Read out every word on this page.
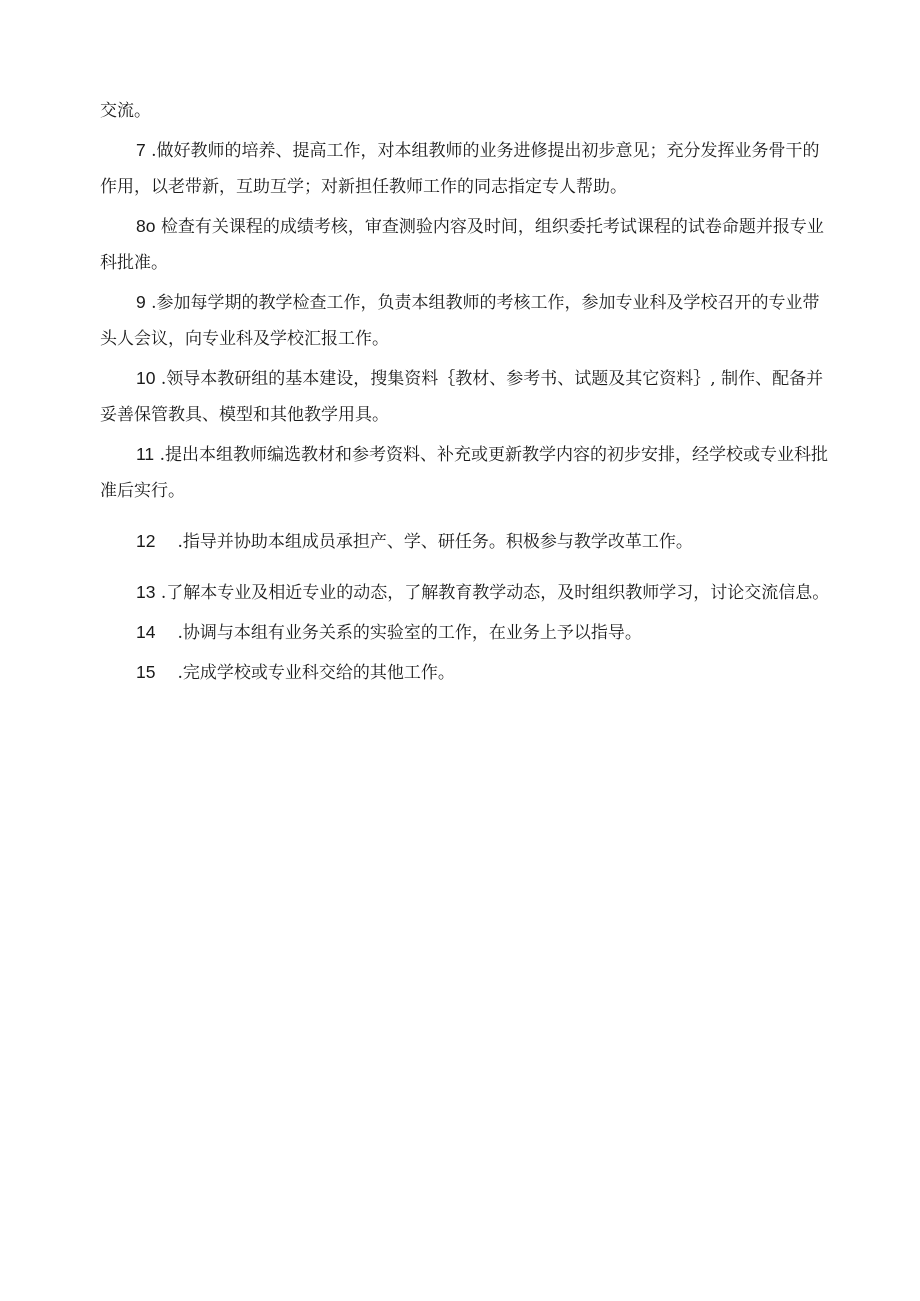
交流。

7 .做好教师的培养、提高工作，对本组教师的业务进修提出初步意见；充分发挥业务骨干的作用，以老带新，互助互学；对新担任教师工作的同志指定专人帮助。

8o 检查有关课程的成绩考核，审查测验内容及时间，组织委托考试课程的试卷命题并报专业科批准。

9 .参加每学期的教学检查工作，负责本组教师的考核工作，参加专业科及学校召开的专业带头人会议，向专业科及学校汇报工作。

10 .领导本教研组的基本建设，搜集资料｛教材、参考书、试题及其它资料｝, 制作、配备并妥善保管教具、模型和其他教学用具。

11 .提出本组教师编选教材和参考资料、补充或更新教学内容的初步安排，经学校或专业科批准后实行。

12 .指导并协助本组成员承担产、学、研任务。积极参与教学改革工作。

13 .了解本专业及相近专业的动态，了解教育教学动态，及时组织教师学习，讨论交流信息。

14 .协调与本组有业务关系的实验室的工作，在业务上予以指导。

15 .完成学校或专业科交给的其他工作。
